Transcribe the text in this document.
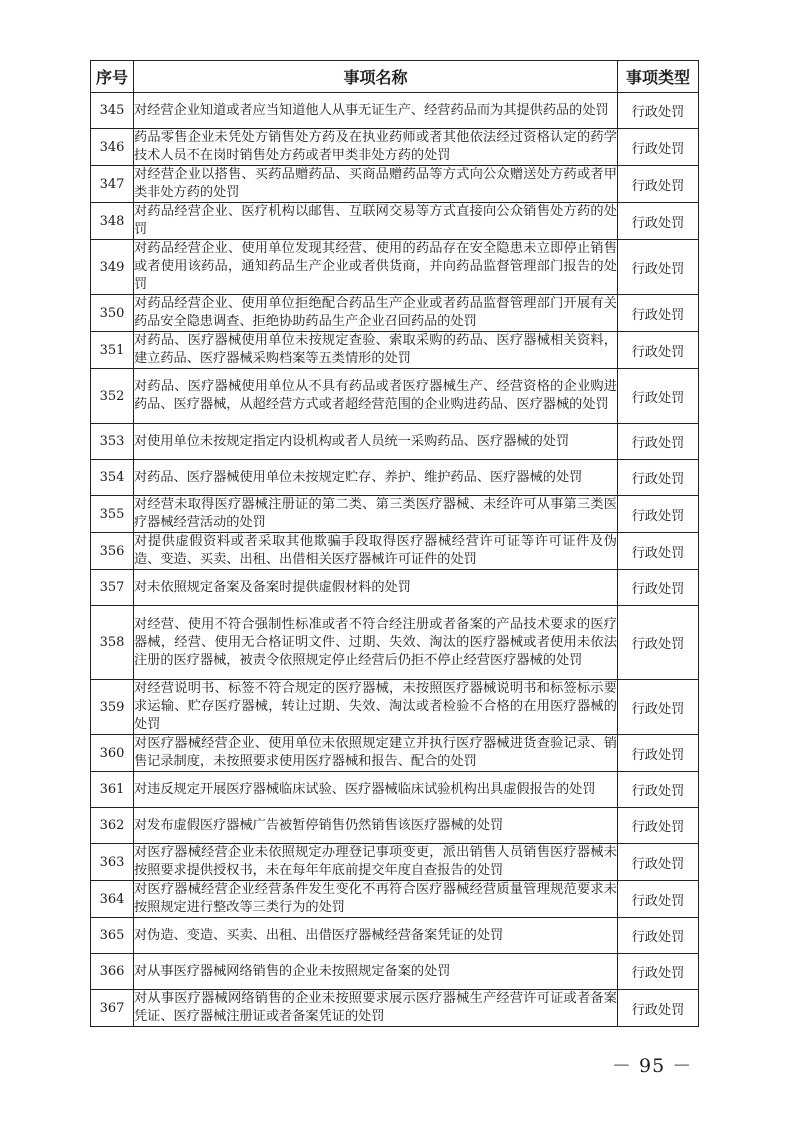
序号	事项名称	事项类型
345	对经营企业知道或者应当知道他人从事无证生产、经营药品而为其提供药品的处罚	行政处罚
346	药品零售企业未凭处方销售处方药及在执业药师或者其他依法经过资格认定的药学技术人员不在岗时销售处方药或者甲类非处方药的处罚	行政处罚
347	对经营企业以搭售、买药品赠药品、买商品赠药品等方式向公众赠送处方药或者甲类非处方药的处罚	行政处罚
348	对药品经营企业、医疗机构以邮售、互联网交易等方式直接向公众销售处方药的处罚	行政处罚
349	对药品经营企业、使用单位发现其经营、使用的药品存在安全隐患未立即停止销售或者使用该药品，通知药品生产企业或者供货商，并向药品监督管理部门报告的处罚	行政处罚
350	对药品经营企业、使用单位拒绝配合药品生产企业或者药品监督管理部门开展有关药品安全隐患调查、拒绝协助药品生产企业召回药品的处罚	行政处罚
351	对药品、医疗器械使用单位未按规定查验、索取采购的药品、医疗器械相关资料，建立药品、医疗器械采购档案等五类情形的处罚	行政处罚
352	对药品、医疗器械使用单位从不具有药品或者医疗器械生产、经营资格的企业购进药品、医疗器械，从超经营方式或者超经营范围的企业购进药品、医疗器械的处罚	行政处罚
353	对使用单位未按规定指定内设机构或者人员统一采购药品、医疗器械的处罚	行政处罚
354	对药品、医疗器械使用单位未按规定贮存、养护、维护药品、医疗器械的处罚	行政处罚
355	对经营未取得医疗器械注册证的第二类、第三类医疗器械、未经许可从事第三类医疗器械经营活动的处罚	行政处罚
356	对提供虚假资料或者采取其他欺骗手段取得医疗器械经营许可证等许可证件及伪造、变造、买卖、出租、出借相关医疗器械许可证件的处罚	行政处罚
357	对未依照规定备案及备案时提供虚假材料的处罚	行政处罚
358	对经营、使用不符合强制性标准或者不符合经注册或者备案的产品技术要求的医疗器械，经营、使用无合格证明文件、过期、失效、淘汰的医疗器械或者使用未依法注册的医疗器械，被责令依照规定停止经营后仍拒不停止经营医疗器械的处罚	行政处罚
359	对经营说明书、标签不符合规定的医疗器械，未按照医疗器械说明书和标签标示要求运输、贮存医疗器械，转让过期、失效、淘汰或者检验不合格的在用医疗器械的处罚	行政处罚
360	对医疗器械经营企业、使用单位未依照规定建立并执行医疗器械进货查验记录、销售记录制度，未按照要求使用医疗器械和报告、配合的处罚	行政处罚
361	对违反规定开展医疗器械临床试验、医疗器械临床试验机构出具虚假报告的处罚	行政处罚
362	对发布虚假医疗器械广告被暂停销售仍然销售该医疗器械的处罚	行政处罚
363	对医疗器械经营企业未依照规定办理登记事项变更，派出销售人员销售医疗器械未按照要求提供授权书，未在每年年底前提交年度自查报告的处罚	行政处罚
364	对医疗器械经营企业经营条件发生变化不再符合医疗器械经营质量管理规范要求未按照规定进行整改等三类行为的处罚	行政处罚
365	对伪造、变造、买卖、出租、出借医疗器械经营备案凭证的处罚	行政处罚
366	对从事医疗器械网络销售的企业未按照规定备案的处罚	行政处罚
367	对从事医疗器械网络销售的企业未按照要求展示医疗器械生产经营许可证或者备案凭证、医疗器械注册证或者备案凭证的处罚	行政处罚
－ 95 －
